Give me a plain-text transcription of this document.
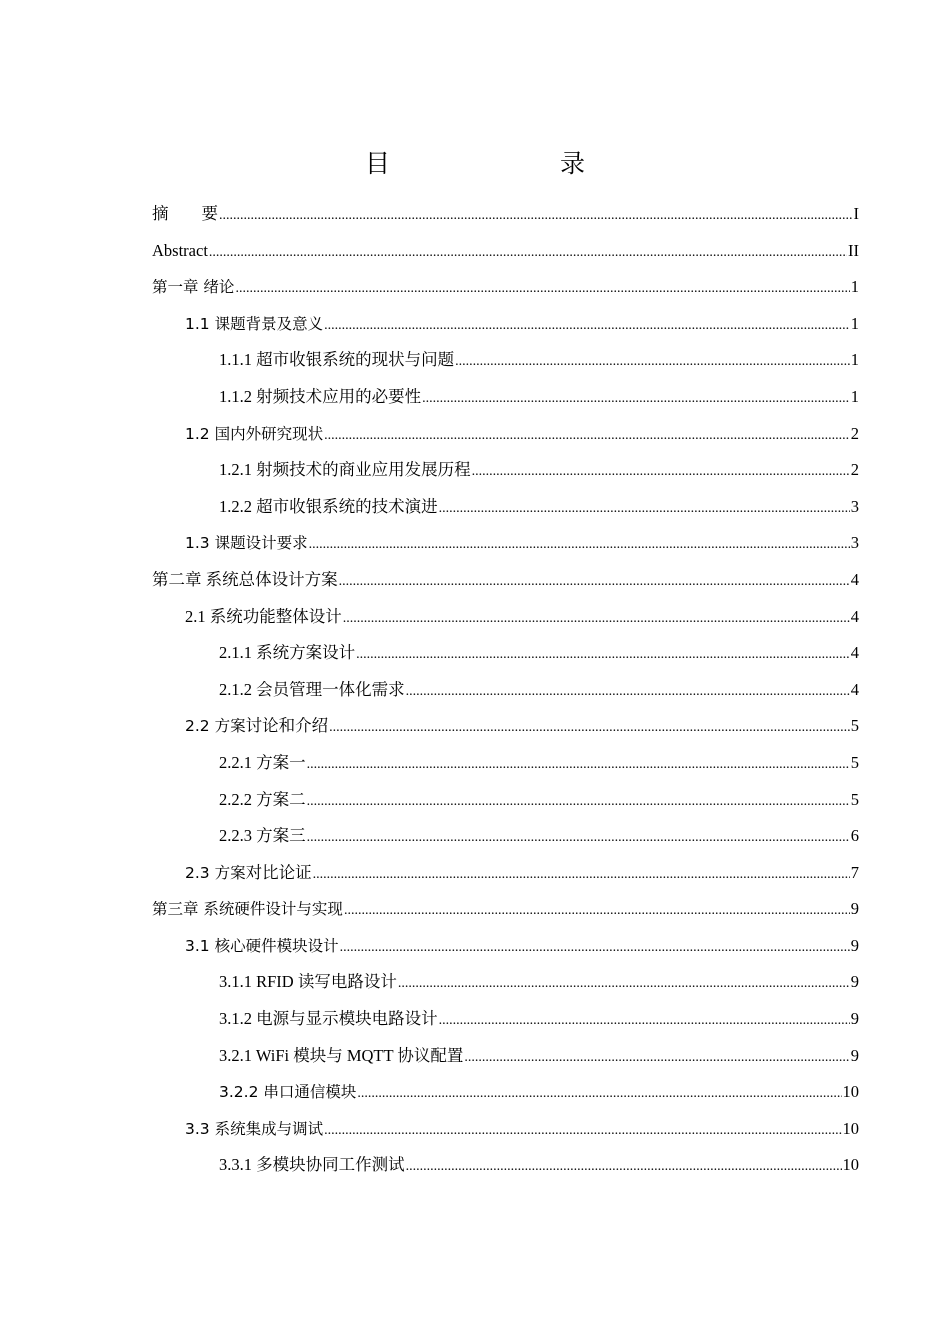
目　　录
摘　　要 .....	I
Abstract .....	II
第一章 绪论 .....	1
1.1 课题背景及意义 .....	1
1.1.1 超市收银系统的现状与问题 .....	1
1.1.2 射频技术应用的必要性 .....	1
1.2 国内外研究现状 .....	2
1.2.1 射频技术的商业应用发展历程 .....	2
1.2.2 超市收银系统的技术演进 .....	3
1.3 课题设计要求 .....	3
第二章 系统总体设计方案 .....	4
2.1 系统功能整体设计 .....	4
2.1.1 系统方案设计 .....	4
2.1.2 会员管理一体化需求 .....	4
2.2 方案 讨论和介绍 .....	5
2.2.1 方案一 .....	5
2.2.2 方案二 .....	5
2.2.3 方案三 .....	6
2.3 方案 对比论证 .....	7
第三章 系统硬件设计与实现 .....	9
3.1 核心硬件模块设计 .....	9
3.1.1 RFID 读写电路设计 .....	9
3.1.2 电源与显示模块电路设计 .....	9
3.2.1 WiFi 模块与 MQTT 协议配置 .....	9
3.2.2 串口通信模块 .....	10
3.3 系统集成与调试 .....	10
3.3.1 多模块协同工作测试 .....	10
